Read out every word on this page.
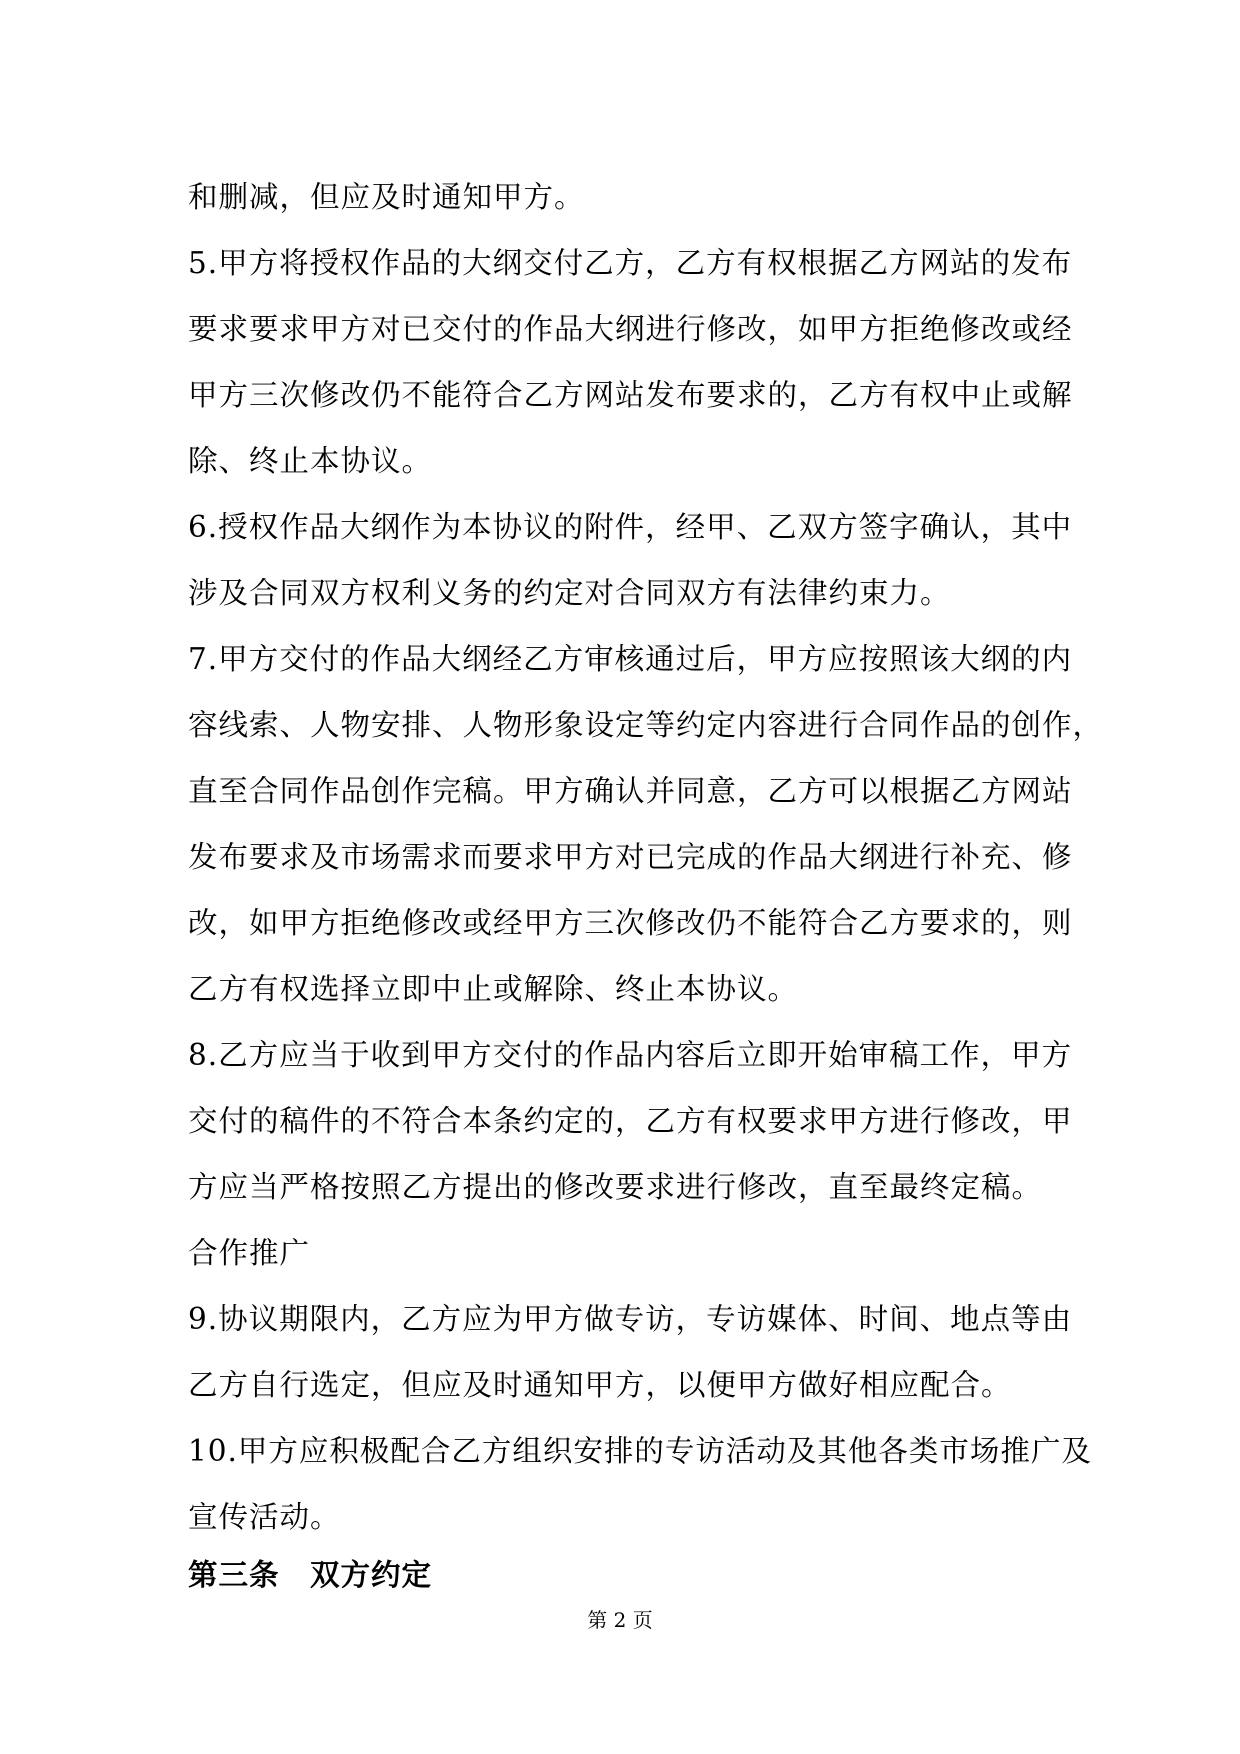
和删减，但应及时通知甲方。
5.甲方将授权作品的大纲交付乙方，乙方有权根据乙方网站的发布
要求要求甲方对已交付的作品大纲进行修改，如甲方拒绝修改或经
甲方三次修改仍不能符合乙方网站发布要求的，乙方有权中止或解
除、终止本协议。
6.授权作品大纲作为本协议的附件，经甲、乙双方签字确认，其中
涉及合同双方权利义务的约定对合同双方有法律约束力。
7.甲方交付的作品大纲经乙方审核通过后，甲方应按照该大纲的内
容线索、人物安排、人物形象设定等约定内容进行合同作品的创作，
直至合同作品创作完稿。甲方确认并同意，乙方可以根据乙方网站
发布要求及市场需求而要求甲方对已完成的作品大纲进行补充、修
改，如甲方拒绝修改或经甲方三次修改仍不能符合乙方要求的，则
乙方有权选择立即中止或解除、终止本协议。
8.乙方应当于收到甲方交付的作品内容后立即开始审稿工作，甲方
交付的稿件的不符合本条约定的，乙方有权要求甲方进行修改，甲
方应当严格按照乙方提出的修改要求进行修改，直至最终定稿。
合作推广
9.协议期限内，乙方应为甲方做专访，专访媒体、时间、地点等由
乙方自行选定，但应及时通知甲方，以便甲方做好相应配合。
10.甲方应积极配合乙方组织安排的专访活动及其他各类市场推广及
宣传活动。
第三条　双方约定
第 2 页
